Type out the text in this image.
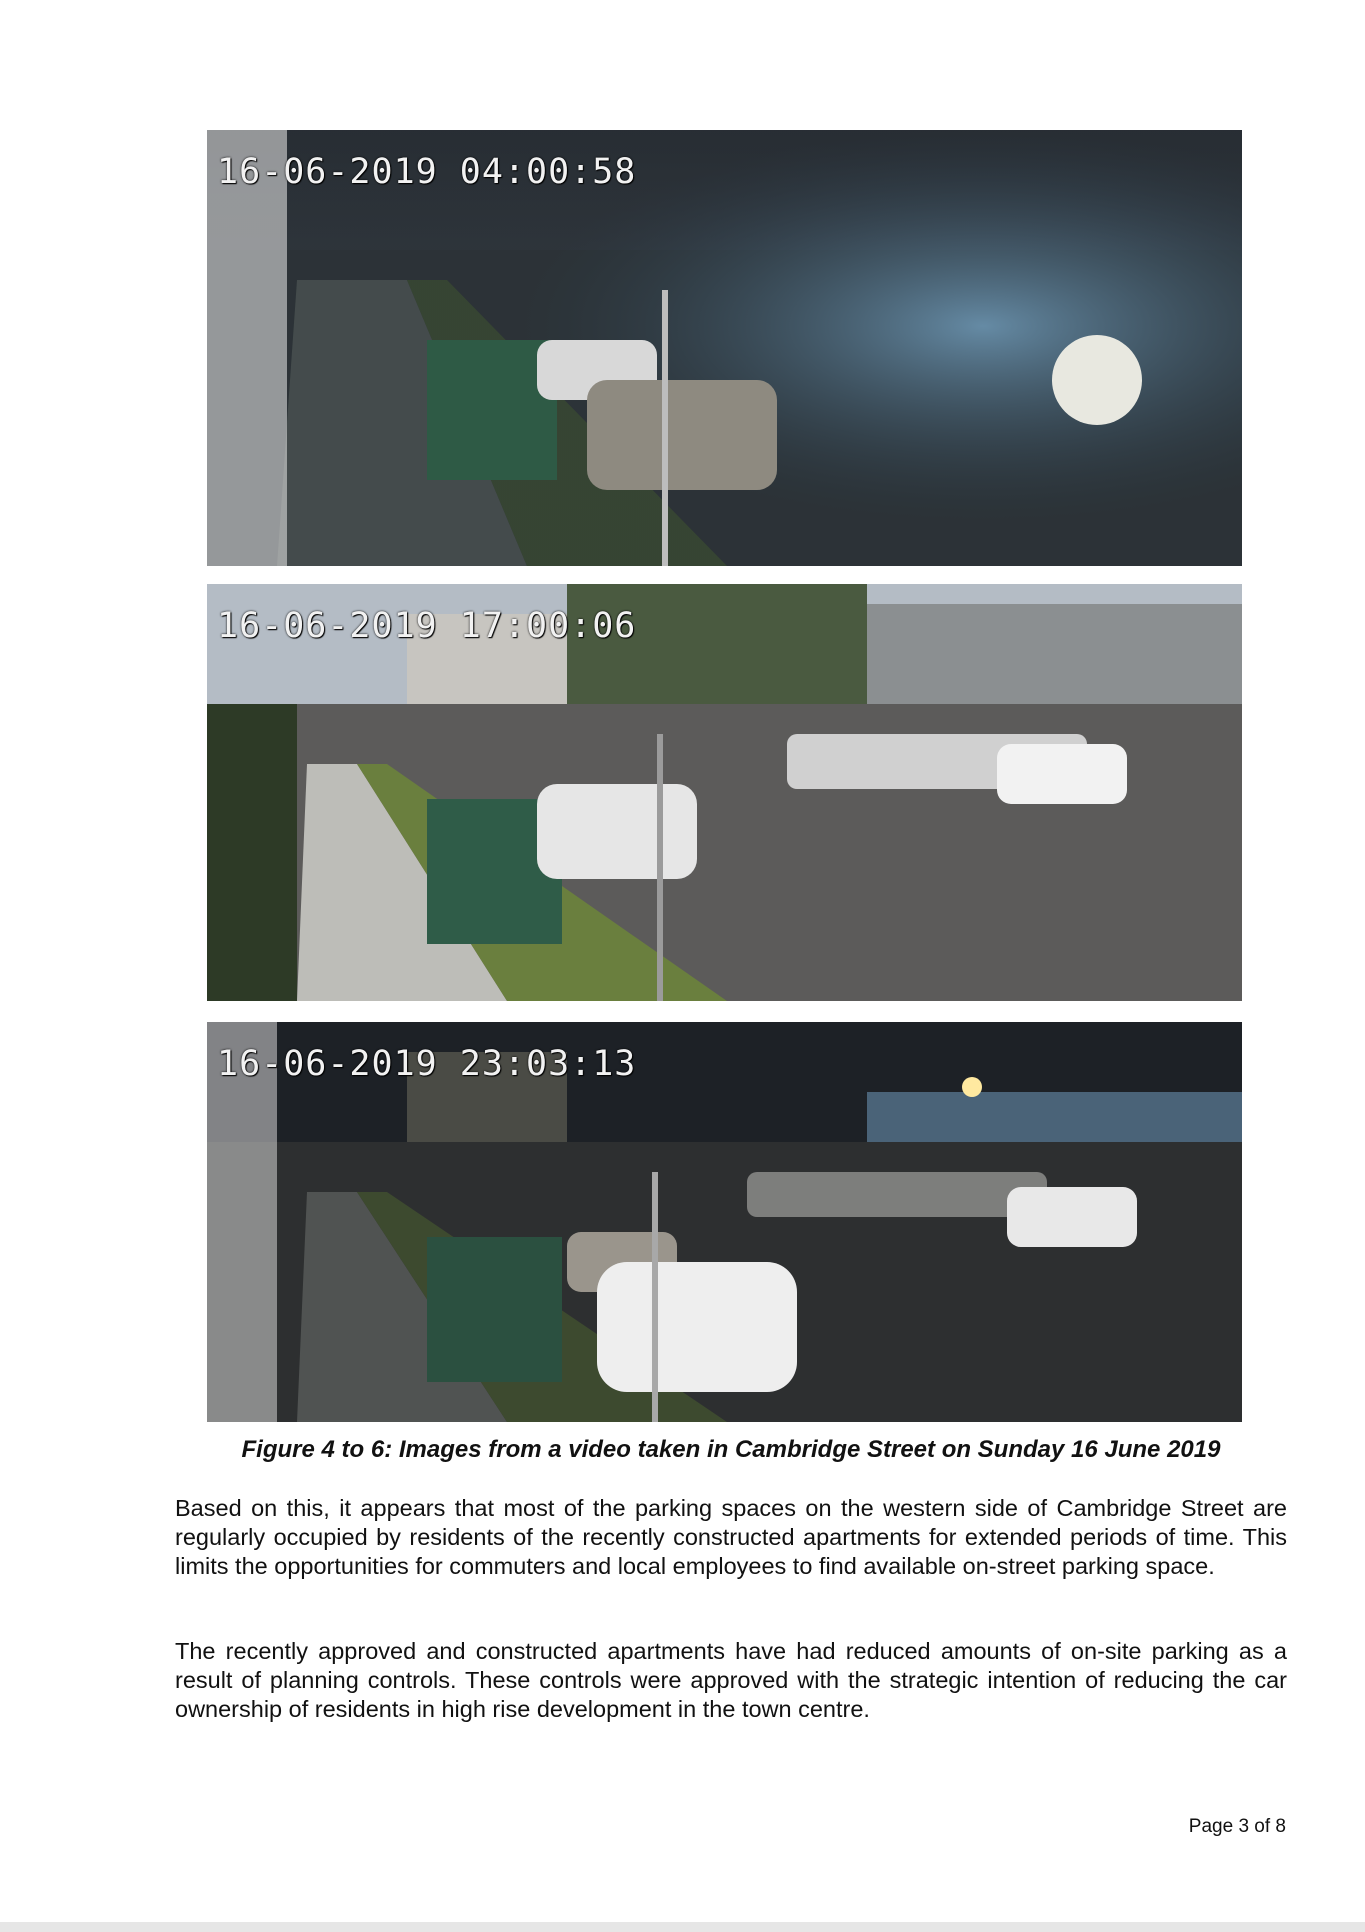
16-06-2019 04:00:58
16-06-2019 17:00:06
16-06-2019 23:03:13
Figure 4 to 6: Images from a video taken in Cambridge Street on Sunday 16 June 2019

Based on this, it appears that most of the parking spaces on the western side of Cambridge Street are regularly occupied by residents of the recently constructed apartments for extended periods of time. This limits the opportunities for commuters and local employees to find available on-street parking space.

The recently approved and constructed apartments have had reduced amounts of on-site parking as a result of planning controls. These controls were approved with the strategic intention of reducing the car ownership of residents in high rise development in the town centre.

Page 3 of 8
